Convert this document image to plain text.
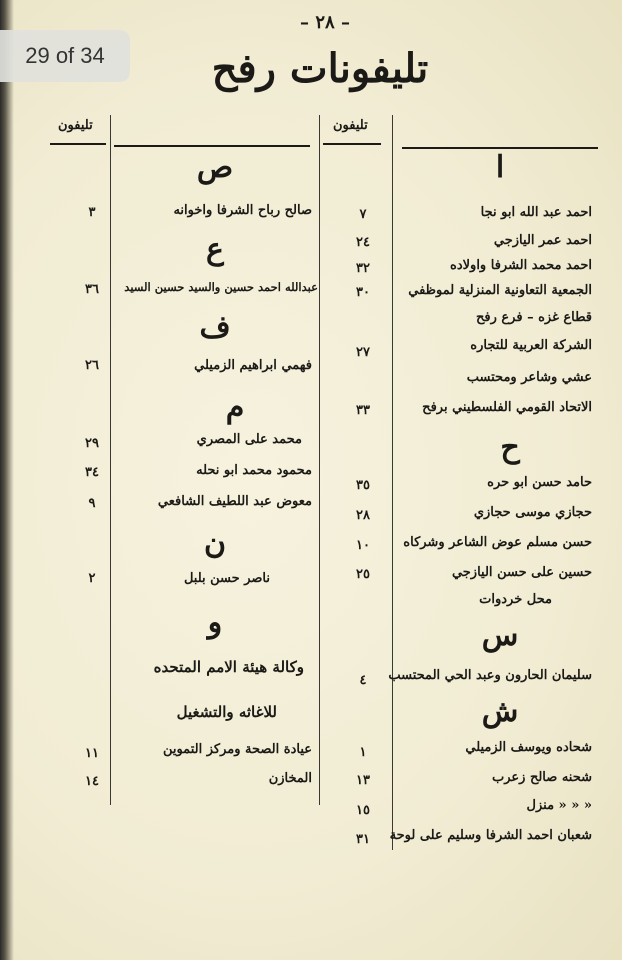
– ٢٨ –
29 of 34	تليفونات رفح
تليفون	تليفون
ا
ح
س
ش
احمد عبد الله ابو نجا
٧
احمد عمر اليازجي
٢٤
احمد محمد الشرفا واولاده
٣٢
الجمعية التعاونية المنزلية لموظفي
٣٠
قطاع غزه – فرع رفح
الشركة العربية للتجاره
٢٧
عشي وشاعر ومحتسب
الاتحاد القومي الفلسطيني برفح
٣٣
حامد حسن ابو حره
٣٥
حجازي موسى حجازي
٢٨
حسن مسلم عوض الشاعر وشركاه
١٠
حسين على حسن اليازجي
٢٥
محل خردوات
سليمان الحارون وعبد الحي المحتسب
٤
شحاده ويوسف الزميلي
١
شحنه صالح زعرب
١٣
« « « منزل
١٥
شعبان احمد الشرفا وسليم على لوحة
٣١
ص
ع
ف
م
ن
و
صالح رباح الشرفا واخوانه
٣
عبدالله احمد حسين والسيد حسين السيد
٣٦
فهمي ابراهيم الزميلي
٢٦
محمد على المصري
٢٩
محمود محمد ابو نحله
٣٤
معوض عبد اللطيف الشافعي
٩
ناصر حسن بلبل
٢
وكالة هيئة الامم المتحده
للاغاثه والتشغيل
عيادة الصحة ومركز التموين
١١
المخازن
١٤
